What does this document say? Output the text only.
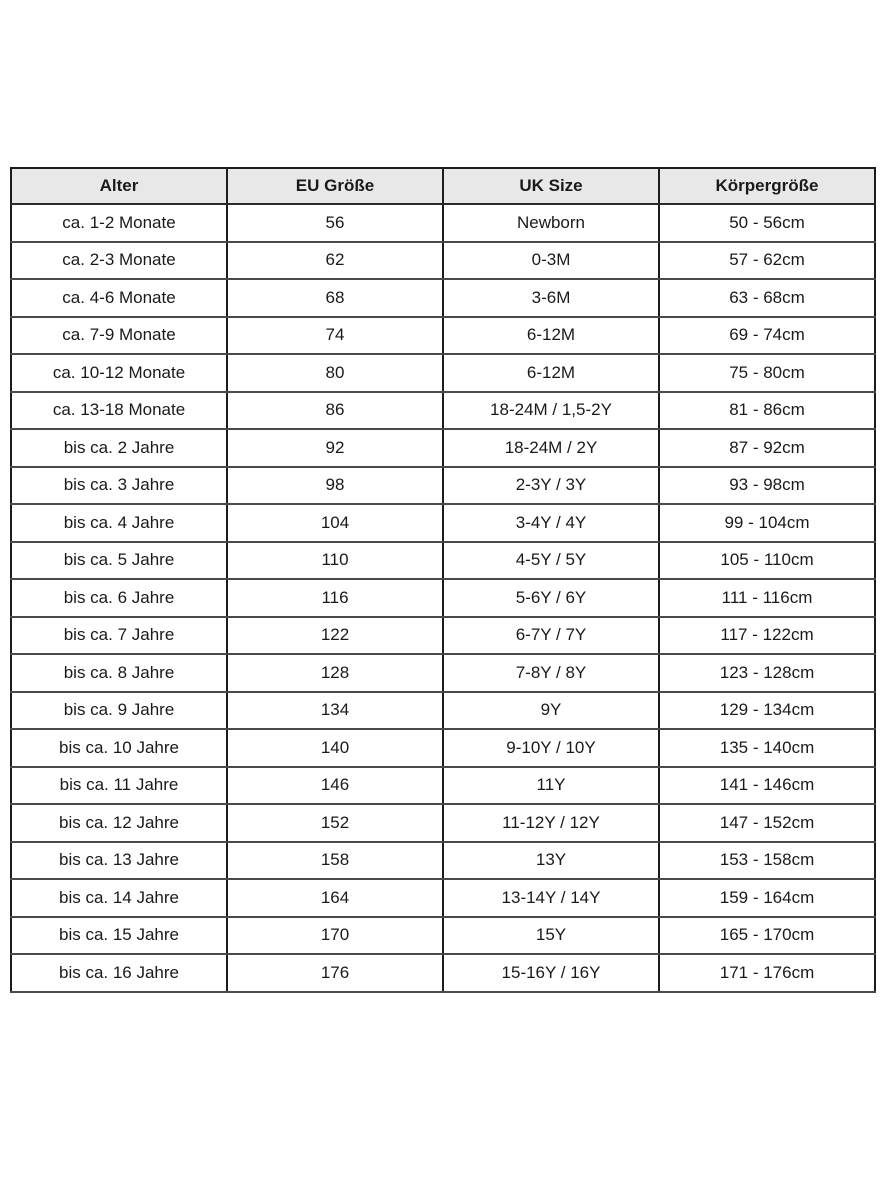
Alter	EU Größe	UK Size	Körpergröße
ca. 1-2 Monate	56	Newborn	50 - 56cm
ca. 2-3 Monate	62	0-3M	57 - 62cm
ca. 4-6 Monate	68	3-6M	63 - 68cm
ca. 7-9 Monate	74	6-12M	69 - 74cm
ca. 10-12 Monate	80	6-12M	75 - 80cm
ca. 13-18 Monate	86	18-24M / 1,5-2Y	81 - 86cm
bis ca. 2 Jahre	92	18-24M / 2Y	87 - 92cm
bis ca. 3 Jahre	98	2-3Y / 3Y	93 - 98cm
bis ca. 4 Jahre	104	3-4Y / 4Y	99 - 104cm
bis ca. 5 Jahre	110	4-5Y / 5Y	105 - 110cm
bis ca. 6 Jahre	116	5-6Y / 6Y	111 - 116cm
bis ca. 7 Jahre	122	6-7Y / 7Y	117 - 122cm
bis ca. 8 Jahre	128	7-8Y / 8Y	123 - 128cm
bis ca. 9 Jahre	134	9Y	129 - 134cm
bis ca. 10 Jahre	140	9-10Y / 10Y	135 - 140cm
bis ca. 11 Jahre	146	11Y	141 - 146cm
bis ca. 12 Jahre	152	11-12Y / 12Y	147 - 152cm
bis ca. 13 Jahre	158	13Y	153 - 158cm
bis ca. 14 Jahre	164	13-14Y / 14Y	159 - 164cm
bis ca. 15 Jahre	170	15Y	165 - 170cm
bis ca. 16 Jahre	176	15-16Y / 16Y	171 - 176cm
